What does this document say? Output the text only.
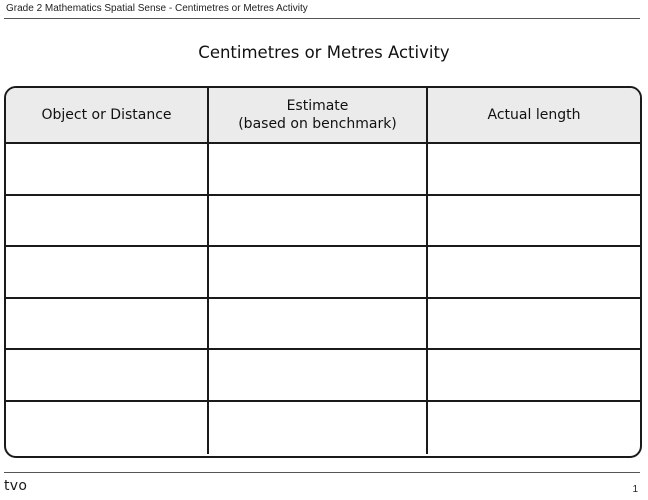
Grade 2 Mathematics Spatial Sense - Centimetres or Metres Activity
Centimetres or Metres Activity
Object or Distance
Estimate
(based on benchmark)
Actual length
tvo	1
